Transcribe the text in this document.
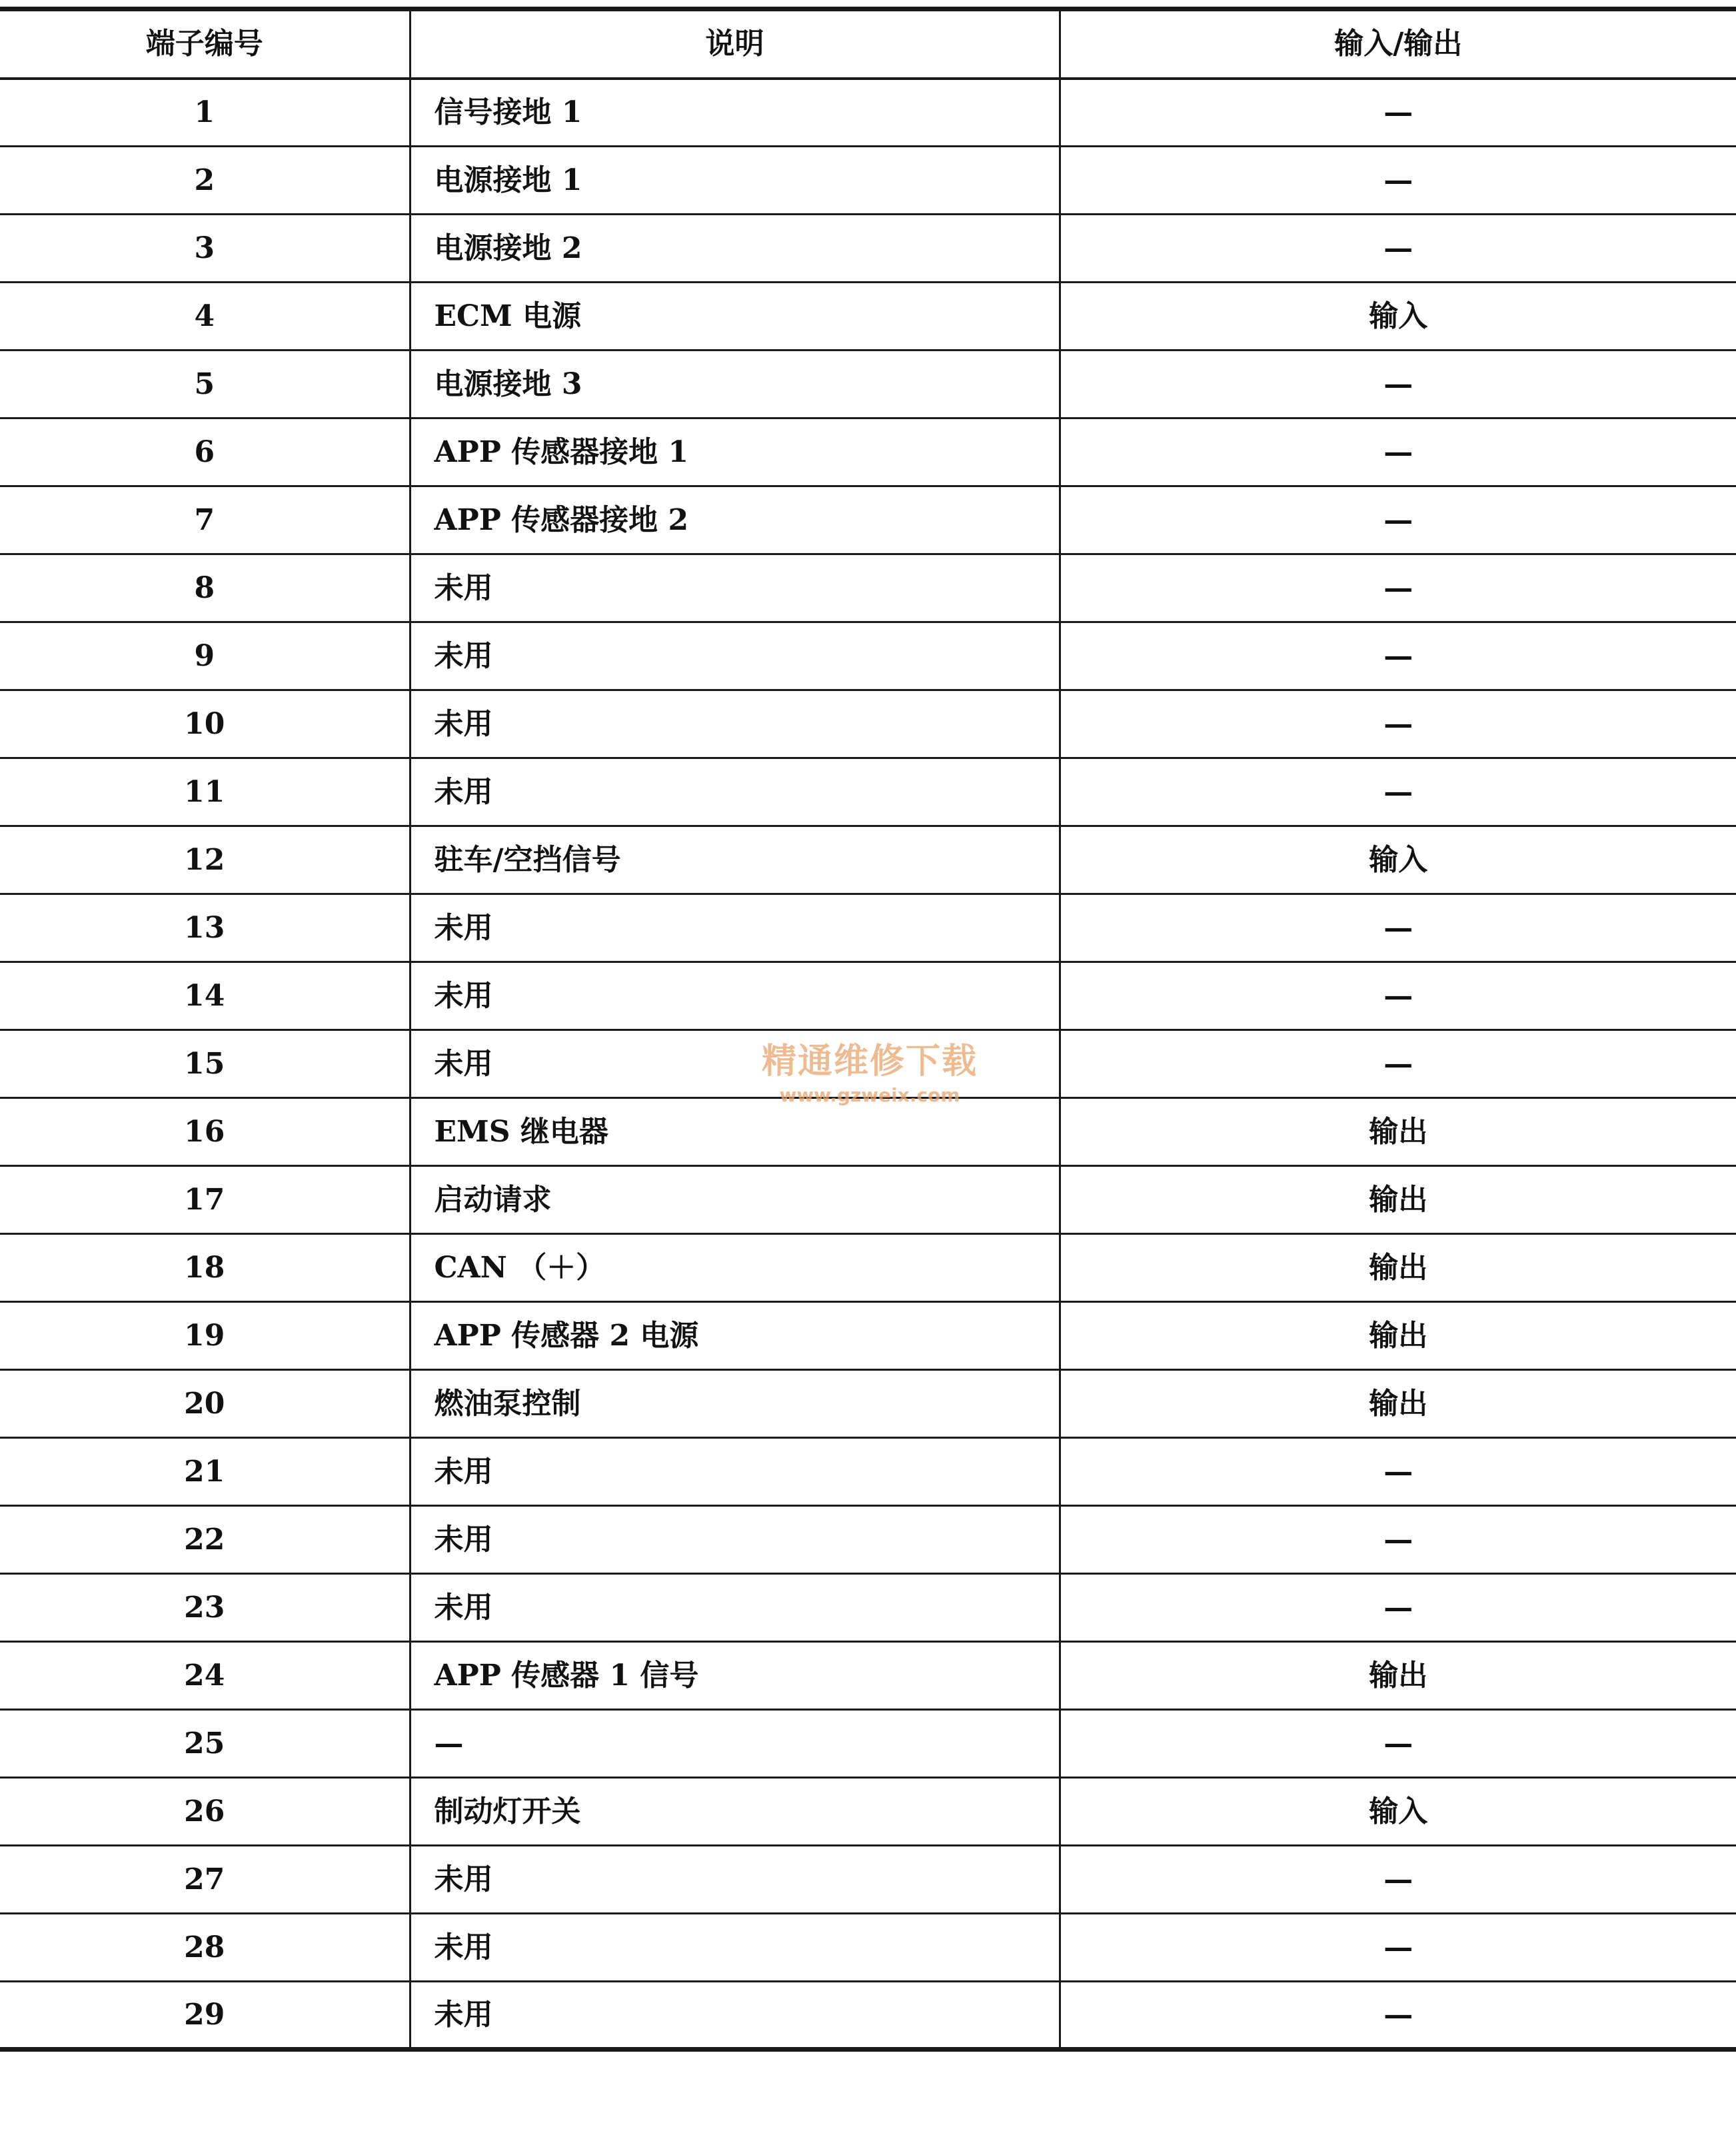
端子编号	说明	输入/输出
1	信号接地 1	—
2	电源接地 1	—
3	电源接地 2	—
4	ECM 电源	输入
5	电源接地 3	—
6	APP 传感器接地 1	—
7	APP 传感器接地 2	—
8	未用	—
9	未用	—
10	未用	—
11	未用	—
12	驻车/空挡信号	输入
13	未用	—
14	未用	—
15	未用	—
16	EMS 继电器	输出
17	启动请求	输出
18	CAN （＋）	输出
19	APP 传感器 2 电源	输出
20	燃油泵控制	输出
21	未用	—
22	未用	—
23	未用	—
24	APP 传感器 1 信号	输出
25	—	—
26	制动灯开关	输入
27	未用	—
28	未用	—
29	未用	—
精通维修下载
www.gzweix.com
